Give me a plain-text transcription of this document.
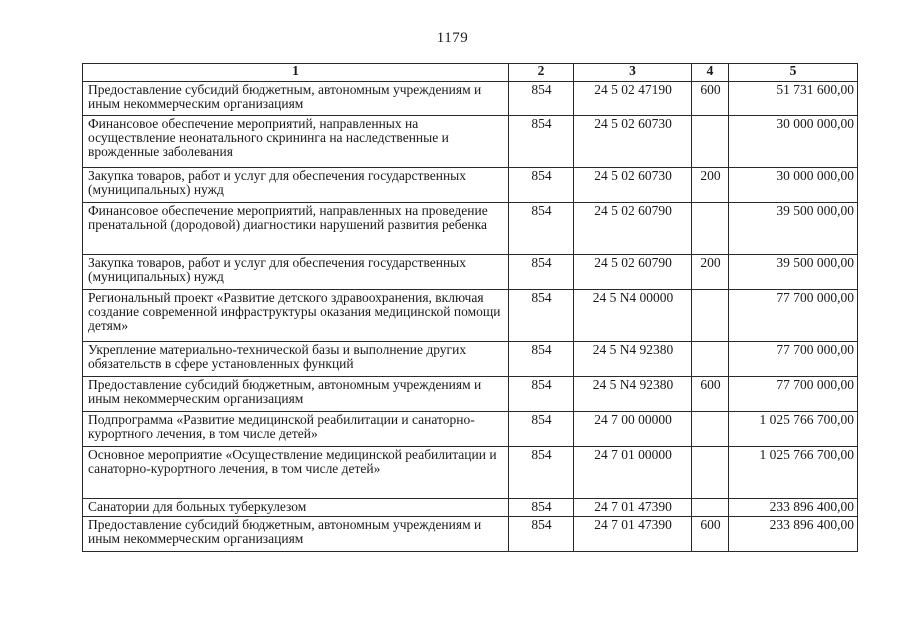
1179
1	2	3	4	5
Предоставление субсидий бюджетным, автономным учреждениям и иным некоммерческим организациям	854	24 5 02 47190	600	51 731 600,00
Финансовое обеспечение мероприятий, направленных на осуществление неонатального скрининга на наследственные и врожденные заболевания	854	24 5 02 60730		30 000 000,00
Закупка товаров, работ и услуг для обеспечения государственных (муниципальных) нужд	854	24 5 02 60730	200	30 000 000,00
Финансовое обеспечение мероприятий, направленных на проведение пренатальной (дородовой) диагностики нарушений развития ребенка	854	24 5 02 60790		39 500 000,00
Закупка товаров, работ и услуг для обеспечения государственных (муниципальных) нужд	854	24 5 02 60790	200	39 500 000,00
Региональный проект «Развитие детского здравоохранения, включая создание современной инфраструктуры оказания медицинской помощи детям»	854	24 5 N4 00000		77 700 000,00
Укрепление материально-технической базы и выполнение других обязательств в сфере установленных функций	854	24 5 N4 92380		77 700 000,00
Предоставление субсидий бюджетным, автономным учреждениям и иным некоммерческим организациям	854	24 5 N4 92380	600	77 700 000,00
Подпрограмма «Развитие медицинской реабилитации и санаторно-курортного лечения, в том числе детей»	854	24 7 00 00000		1 025 766 700,00
Основное мероприятие «Осуществление медицинской реабилитации и санаторно-курортного лечения, в том числе детей»	854	24 7 01 00000		1 025 766 700,00
Санатории для больных туберкулезом	854	24 7 01 47390		233 896 400,00
Предоставление субсидий бюджетным, автономным учреждениям и иным некоммерческим организациям	854	24 7 01 47390	600	233 896 400,00
